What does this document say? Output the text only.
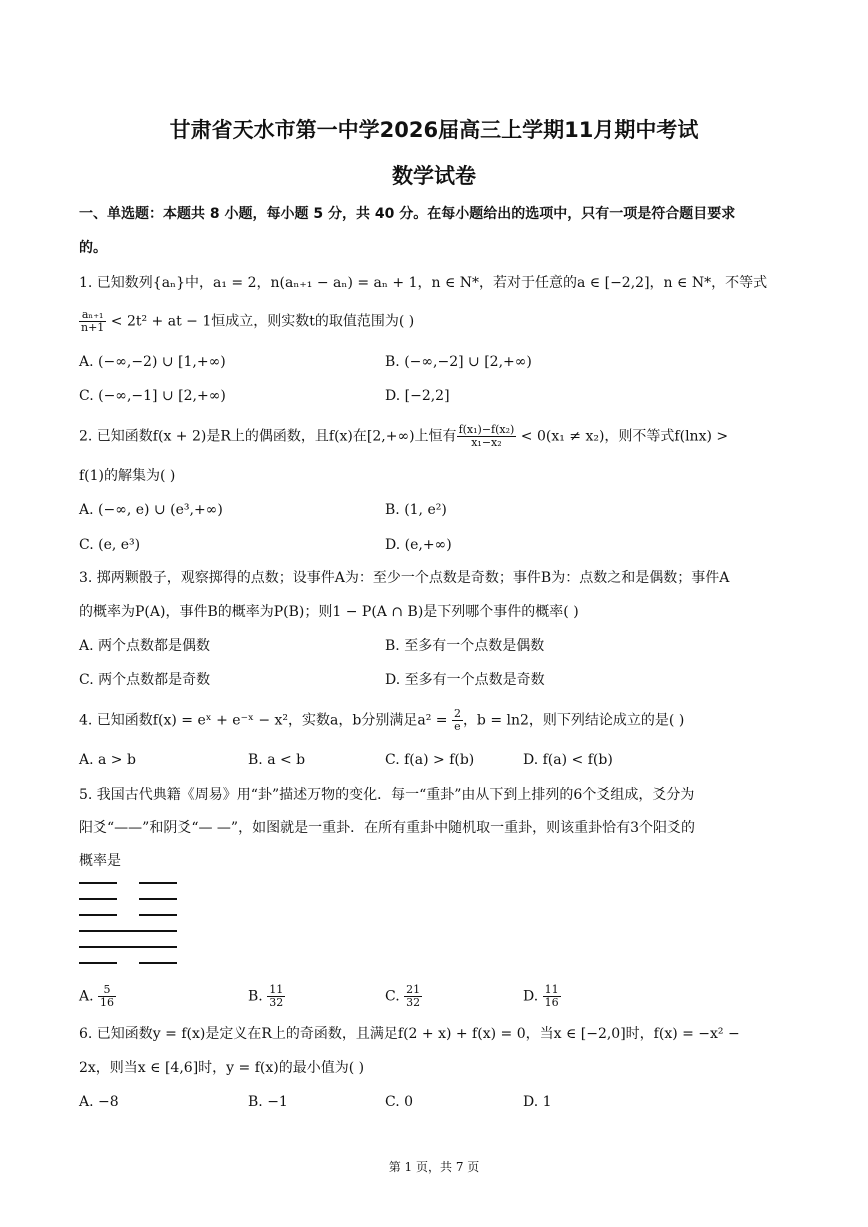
甘肃省天水市第一中学2026届高三上学期11月期中考试
数学试卷
一、单选题：本题共 8 小题，每小题 5 分，共 40 分。在每小题给出的选项中，只有一项是符合题目要求
的。
1. 已知数列{aₙ}中，a₁ = 2，n(aₙ₊₁ − aₙ) = aₙ + 1，n ∈ N*，若对于任意的a ∈ [−2,2]，n ∈ N*，不等式
$\frac{\text{aₙ₊₁}}{n+1} < 2t^2$ + at − 1恒成立，则实数t的取值范围为( )
A. (−∞,−2) ∪ [1,+∞)	B. (−∞,−2] ∪ [2,+∞)
C. (−∞,−1] ∪ [2,+∞)	D. [−2,2]
2. 已知函数f(x + 2)是R上的偶函数，且f(x)在[2,+∞)上恒有 $\frac{\text{f(x₁)−f(x₂)}}{\text{x₁−x₂}} < 0(x_1 \ne x_2)$，则不等式f(lnx) >
f(1)的解集为( )
A. (−∞, e) ∪ (e³,+∞)	B. (1, e²)
C. (e, e³)	D. (e,+∞)
3. 掷两颗骰子，观察掷得的点数；设事件A为：至少一个点数是奇数；事件B为：点数之和是偶数；事件A
的概率为P(A)，事件B的概率为P(B)；则1 − P(A ∩ B)是下列哪个事件的概率( )
A. 两个点数都是偶数	B. 至多有一个点数是偶数
C. 两个点数都是奇数	D. 至多有一个点数是奇数
4. 已知函数f(x) = eˣ + e⁻ˣ − x²，实数a，b分别满足$a^2 = \frac{2}{e}$ ，b = ln2，则下列结论成立的是( )
A. a > b	B. a < b	C. f(a) > f(b)	D. f(a) < f(b)
5. 我国古代典籍《周易》用“卦”描述万物的变化．每一“重卦”由从下到上排列的6个爻组成，爻分为
阳爻“——”和阴爻“— —”，如图就是一重卦．在所有重卦中随机取一重卦，则该重卦恰有3个阳爻的
概率是
A. $\frac{5}{16}$	B. $\frac{11}{32}$	C. $\frac{21}{32}$	D. $\frac{11}{16}$
6. 已知函数y = f(x)是定义在R上的奇函数，且满足f(2 + x) + f(x) = 0，当x ∈ [−2,0]时，f(x) = −x² −
2x，则当x ∈ [4,6]时，y = f(x)的最小值为( )
A. −8	B. −1	C. 0	D. 1
第 1 页，共 7 页
